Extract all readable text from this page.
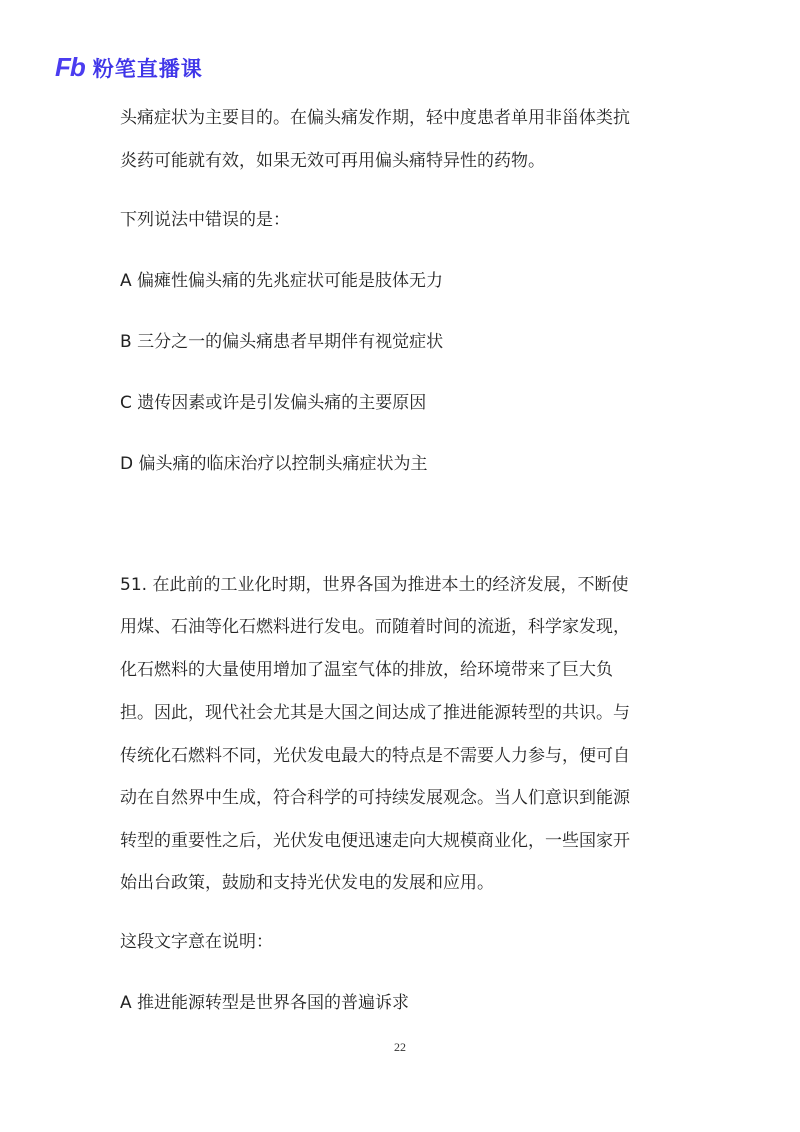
Fb 粉笔直播课
头痛症状为主要目的。在偏头痛发作期，轻中度患者单用非甾体类抗
炎药可能就有效，如果无效可再用偏头痛特异性的药物。
下列说法中错误的是：
A 偏瘫性偏头痛的先兆症状可能是肢体无力
B 三分之一的偏头痛患者早期伴有视觉症状
C 遗传因素或许是引发偏头痛的主要原因
D 偏头痛的临床治疗以控制头痛症状为主
51. 在此前的工业化时期，世界各国为推进本土的经济发展，不断使
用煤、石油等化石燃料进行发电。而随着时间的流逝，科学家发现，
化石燃料的大量使用增加了温室气体的排放，给环境带来了巨大负
担。因此，现代社会尤其是大国之间达成了推进能源转型的共识。与
传统化石燃料不同，光伏发电最大的特点是不需要人力参与，便可自
动在自然界中生成，符合科学的可持续发展观念。当人们意识到能源
转型的重要性之后，光伏发电便迅速走向大规模商业化，一些国家开
始出台政策，鼓励和支持光伏发电的发展和应用。
这段文字意在说明：
A 推进能源转型是世界各国的普遍诉求
22
